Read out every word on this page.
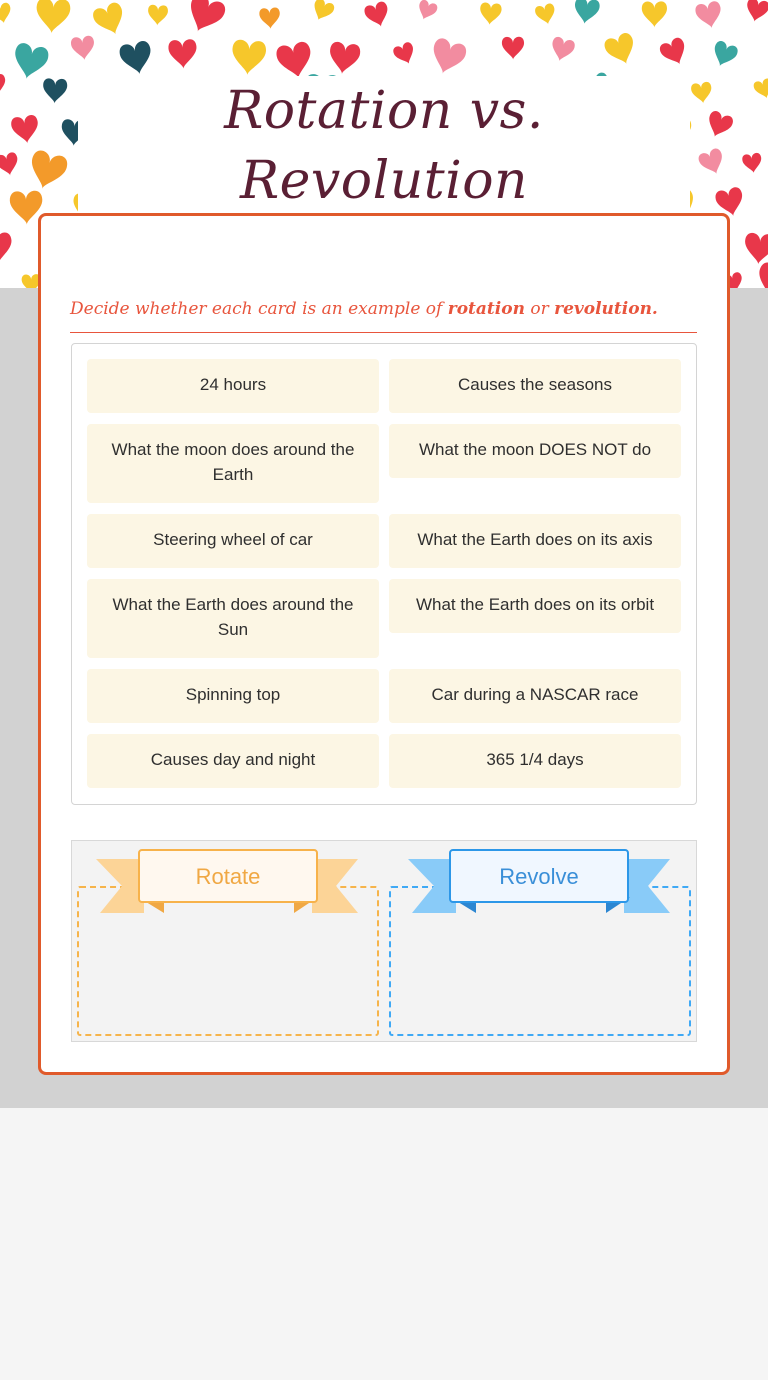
Rotation vs. Revolution
Decide whether each card is an example of rotation or revolution.
24 hours
What the moon does around the Earth
Steering wheel of car
What the Earth does around the Sun
Spinning top
Causes day and night
Causes the seasons
What the moon DOES NOT do
What the Earth does on its axis
What the Earth does on its orbit
Car during a NASCAR race
365 1/4 days
Rotate	Revolve
